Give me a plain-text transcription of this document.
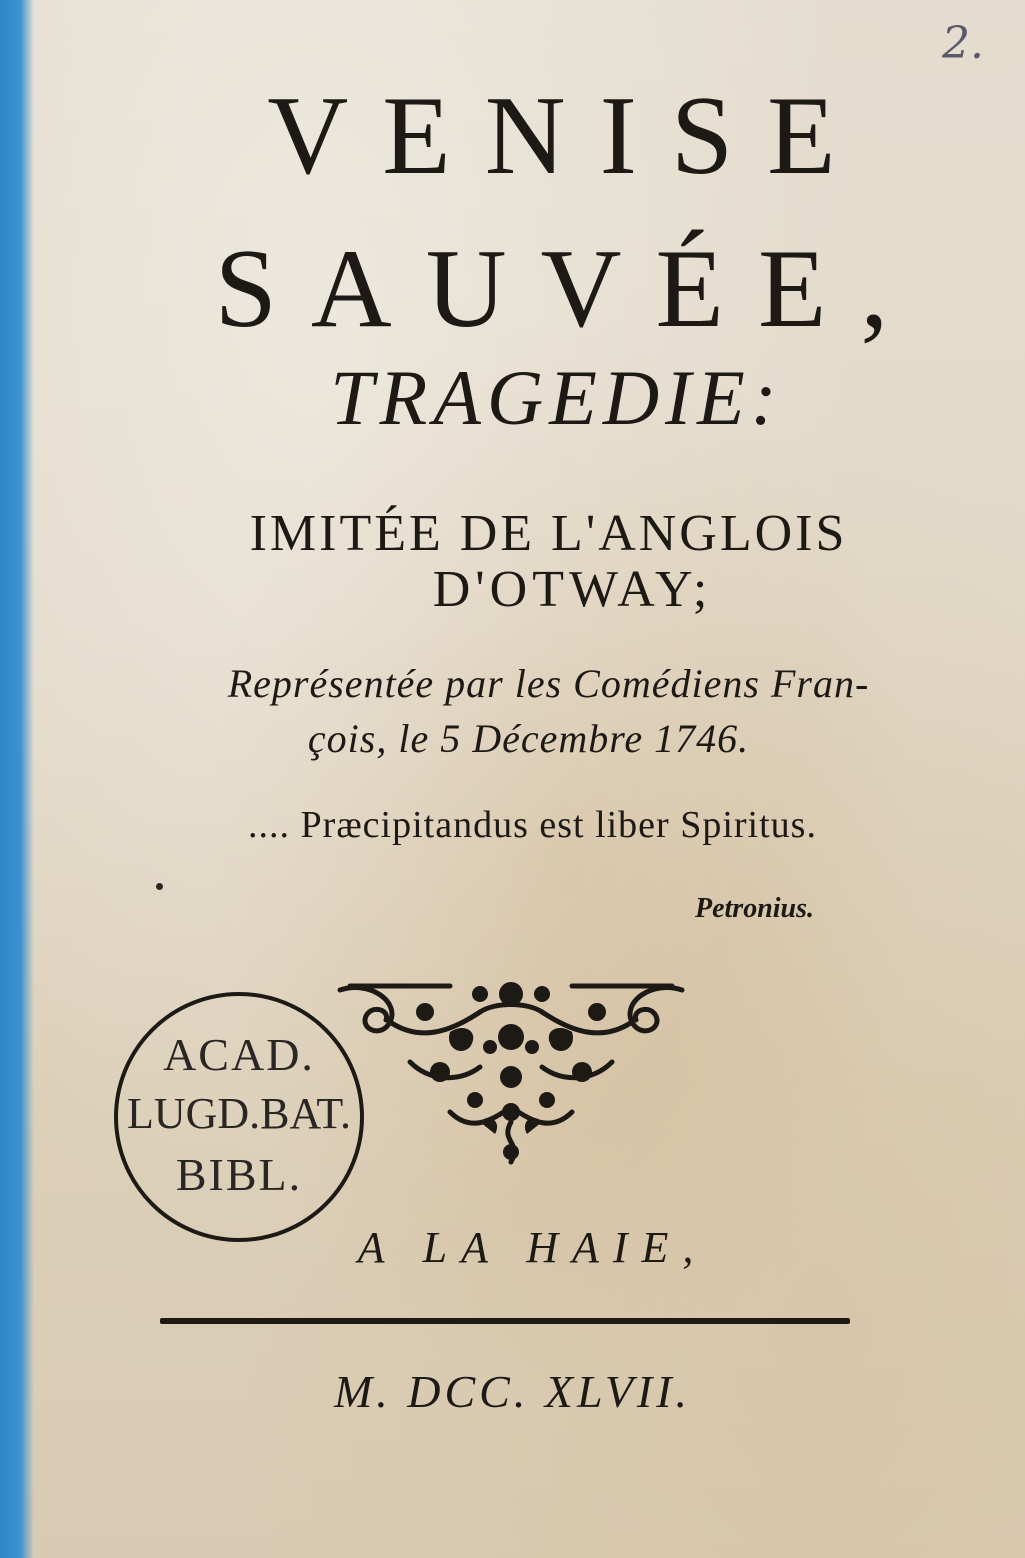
2.
VENISE
SAUVÉE,
TRAGEDIE:
IMITÉE DE L'ANGLOIS
D'OTWAY;
Représentée par les Comédiens Fran-
çois, le 5 Décembre 1746.
.... Præcipitandus est liber Spiritus.
Petronius.
ACAD.
LUGD.BAT.
BIBL.
A LA HAIE,
M. DCC. XLVII.
